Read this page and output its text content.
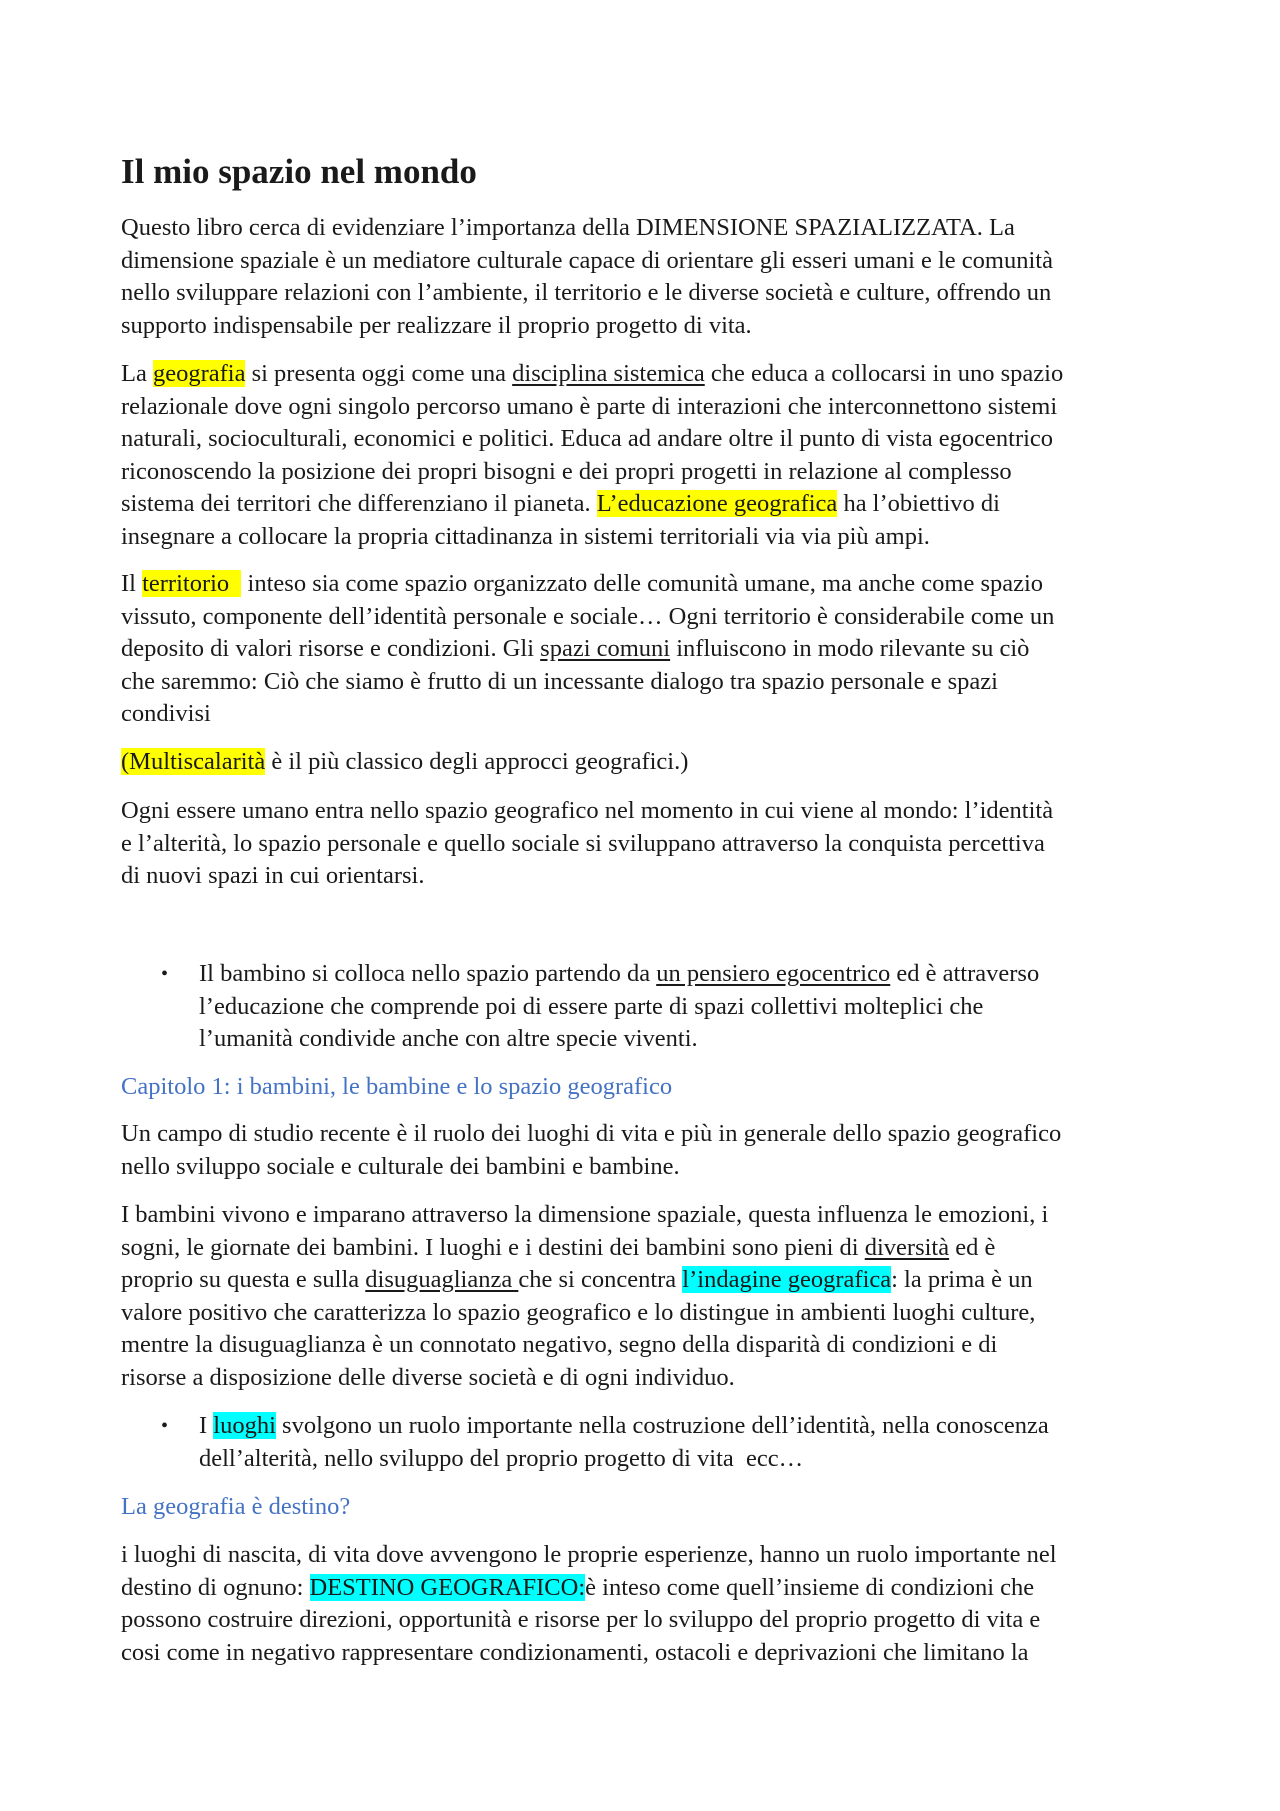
Il mio spazio nel mondo
Questo libro cerca di evidenziare l’importanza della DIMENSIONE SPAZIALIZZATA. La
dimensione spaziale è un mediatore culturale capace di orientare gli esseri umani e le comunità
nello sviluppare relazioni con l’ambiente, il territorio e le diverse società e culture, offrendo un
supporto indispensabile per realizzare il proprio progetto di vita.
La geografia si presenta oggi come una disciplina sistemica che educa a collocarsi in uno spazio
relazionale dove ogni singolo percorso umano è parte di interazioni che interconnettono sistemi
naturali, socioculturali, economici e politici. Educa ad andare oltre il punto di vista egocentrico
riconoscendo la posizione dei propri bisogni e dei propri progetti in relazione al complesso
sistema dei territori che differenziano il pianeta. L’educazione geografica ha l’obiettivo di
insegnare a collocare la propria cittadinanza in sistemi territoriali via via più ampi.
Il territorio   inteso sia come spazio organizzato delle comunità umane, ma anche come spazio
vissuto, componente dell’identità personale e sociale… Ogni territorio è considerabile come un
deposito di valori risorse e condizioni. Gli spazi comuni influiscono in modo rilevante su ciò
che saremmo: Ciò che siamo è frutto di un incessante dialogo tra spazio personale e spazi
condivisi
(Multiscalarità è il più classico degli approcci geografici.)
Ogni essere umano entra nello spazio geografico nel momento in cui viene al mondo: l’identità
e l’alterità, lo spazio personale e quello sociale si sviluppano attraverso la conquista percettiva
di nuovi spazi in cui orientarsi.
• Il bambino si colloca nello spazio partendo da un pensiero egocentrico ed è attraverso
l’educazione che comprende poi di essere parte di spazi collettivi molteplici che
l’umanità condivide anche con altre specie viventi.
Capitolo 1: i bambini, le bambine e lo spazio geografico
Un campo di studio recente è il ruolo dei luoghi di vita e più in generale dello spazio geografico
nello sviluppo sociale e culturale dei bambini e bambine.
I bambini vivono e imparano attraverso la dimensione spaziale, questa influenza le emozioni, i
sogni, le giornate dei bambini. I luoghi e i destini dei bambini sono pieni di diversità ed è
proprio su questa e sulla disuguaglianza che si concentra l’indagine geografica: la prima è un
valore positivo che caratterizza lo spazio geografico e lo distingue in ambienti luoghi culture,
mentre la disuguaglianza è un connotato negativo, segno della disparità di condizioni e di
risorse a disposizione delle diverse società e di ogni individuo.
• I luoghi svolgono un ruolo importante nella costruzione dell’identità, nella conoscenza
dell’alterità, nello sviluppo del proprio progetto di vita  ecc…
La geografia è destino?
i luoghi di nascita, di vita dove avvengono le proprie esperienze, hanno un ruolo importante nel
destino di ognuno: DESTINO GEOGRAFICO:è inteso come quell’insieme di condizioni che
possono costruire direzioni, opportunità e risorse per lo sviluppo del proprio progetto di vita e
cosi come in negativo rappresentare condizionamenti, ostacoli e deprivazioni che limitano la
